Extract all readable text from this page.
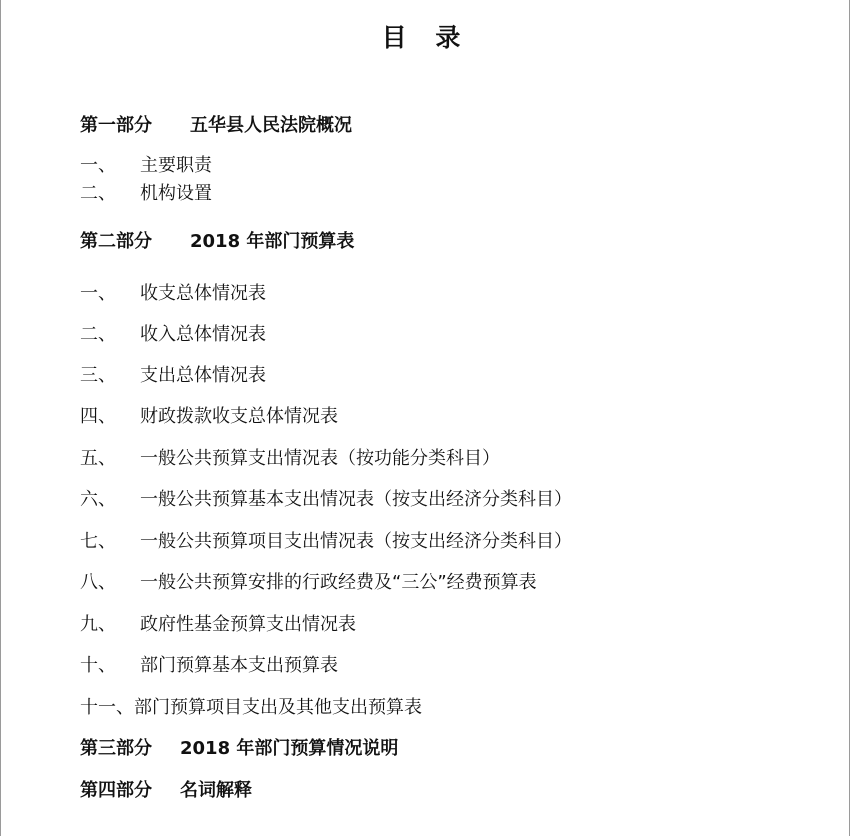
目 录
第一部分 五华县人民法院概况
一、 主要职责
二、 机构设置
第二部分 2018 年部门预算表
一、 收支总体情况表
二、 收入总体情况表
三、 支出总体情况表
四、 财政拨款收支总体情况表
五、 一般公共预算支出情况表（按功能分类科目）
六、 一般公共预算基本支出情况表（按支出经济分类科目）
七、 一般公共预算项目支出情况表（按支出经济分类科目）
八、 一般公共预算安排的行政经费及“三公”经费预算表
九、 政府性基金预算支出情况表
十、 部门预算基本支出预算表
十一、部门预算项目支出及其他支出预算表
第三部分 2018 年部门预算情况说明
第四部分 名词解释
